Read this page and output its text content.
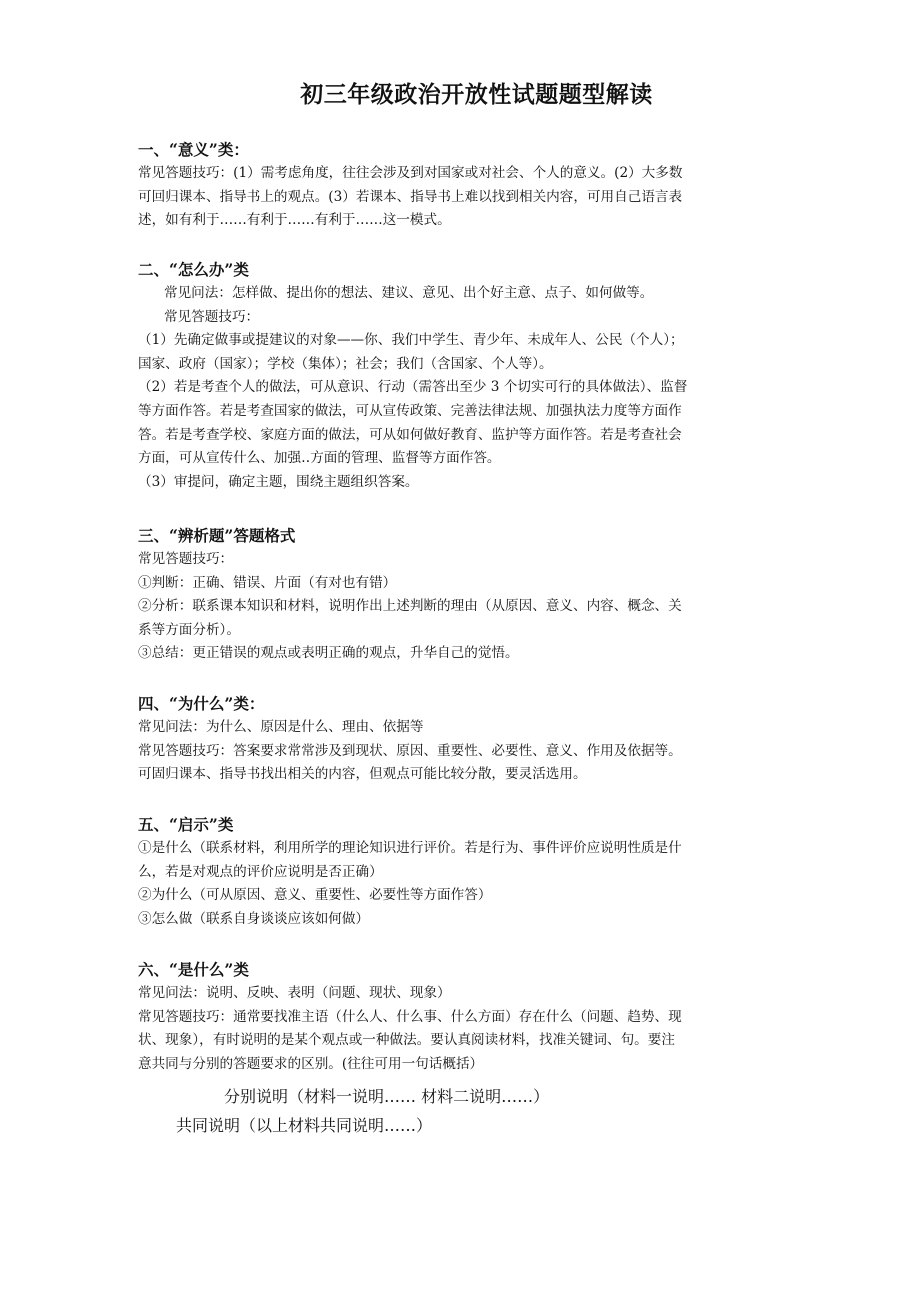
初三年级政治开放性试题题型解读
一、“意义”类：
常见答题技巧：(1）需考虑角度，往往会涉及到对国家或对社会、个人的意义。(2）大多数
可回归课本、指导书上的观点。(3）若课本、指导书上难以找到相关内容，可用自己语言表
述，如有利于‥‥‥有利于‥‥‥有利于‥‥‥这一模式。
二、“怎么办”类
常见问法：怎样做、提出你的想法、建议、意见、出个好主意、点子、如何做等。
常见答题技巧：
（1）先确定做事或提建议的对象——你、我们中学生、青少年、未成年人、公民（个人）；
国家、政府（国家）；学校（集体）；社会；我们（含国家、个人等）。
（2）若是考查个人的做法，可从意识、行动（需答出至少 3 个切实可行的具体做法）、监督
等方面作答。若是考查国家的做法，可从宣传政策、完善法律法规、加强执法力度等方面作
答。若是考查学校、家庭方面的做法，可从如何做好教育、监护等方面作答。若是考查社会
方面，可从宣传什么、加强‥方面的管理、监督等方面作答。
（3）审提问，确定主题，围绕主题组织答案。
三、“辨析题”答题格式
常见答题技巧：
①判断：正确、错误、片面（有对也有错）
②分析：联系课本知识和材料，说明作出上述判断的理由（从原因、意义、内容、概念、关
系等方面分析）。
③总结：更正错误的观点或表明正确的观点，升华自己的觉悟。
四、“为什么”类：
常见问法：为什么、原因是什么、理由、依据等
常见答题技巧：答案要求常常涉及到现状、原因、重要性、必要性、意义、作用及依据等。
可固归课本、指导书找出相关的内容，但观点可能比较分散，要灵活选用。
五、“启示”类
①是什么（联系材料，利用所学的理论知识进行评价。若是行为、事件评价应说明性质是什
么，若是对观点的评价应说明是否正确）
②为什么（可从原因、意义、重要性、必要性等方面作答）
③怎么做（联系自身谈谈应该如何做）
六、“是什么”类
常见问法：说明、反映、表明（问题、现状、现象）
常见答题技巧：通常要找准主语（什么人、什么事、什么方面）存在什么（问题、趋势、现
状、现象），有时说明的是某个观点或一种做法。要认真阅读材料，找准关键词、句。要注
意共同与分别的答题要求的区别。(往往可用一句话概括）
分别说明（材料一说明…… 材料二说明……）
共同说明（以上材料共同说明……）
